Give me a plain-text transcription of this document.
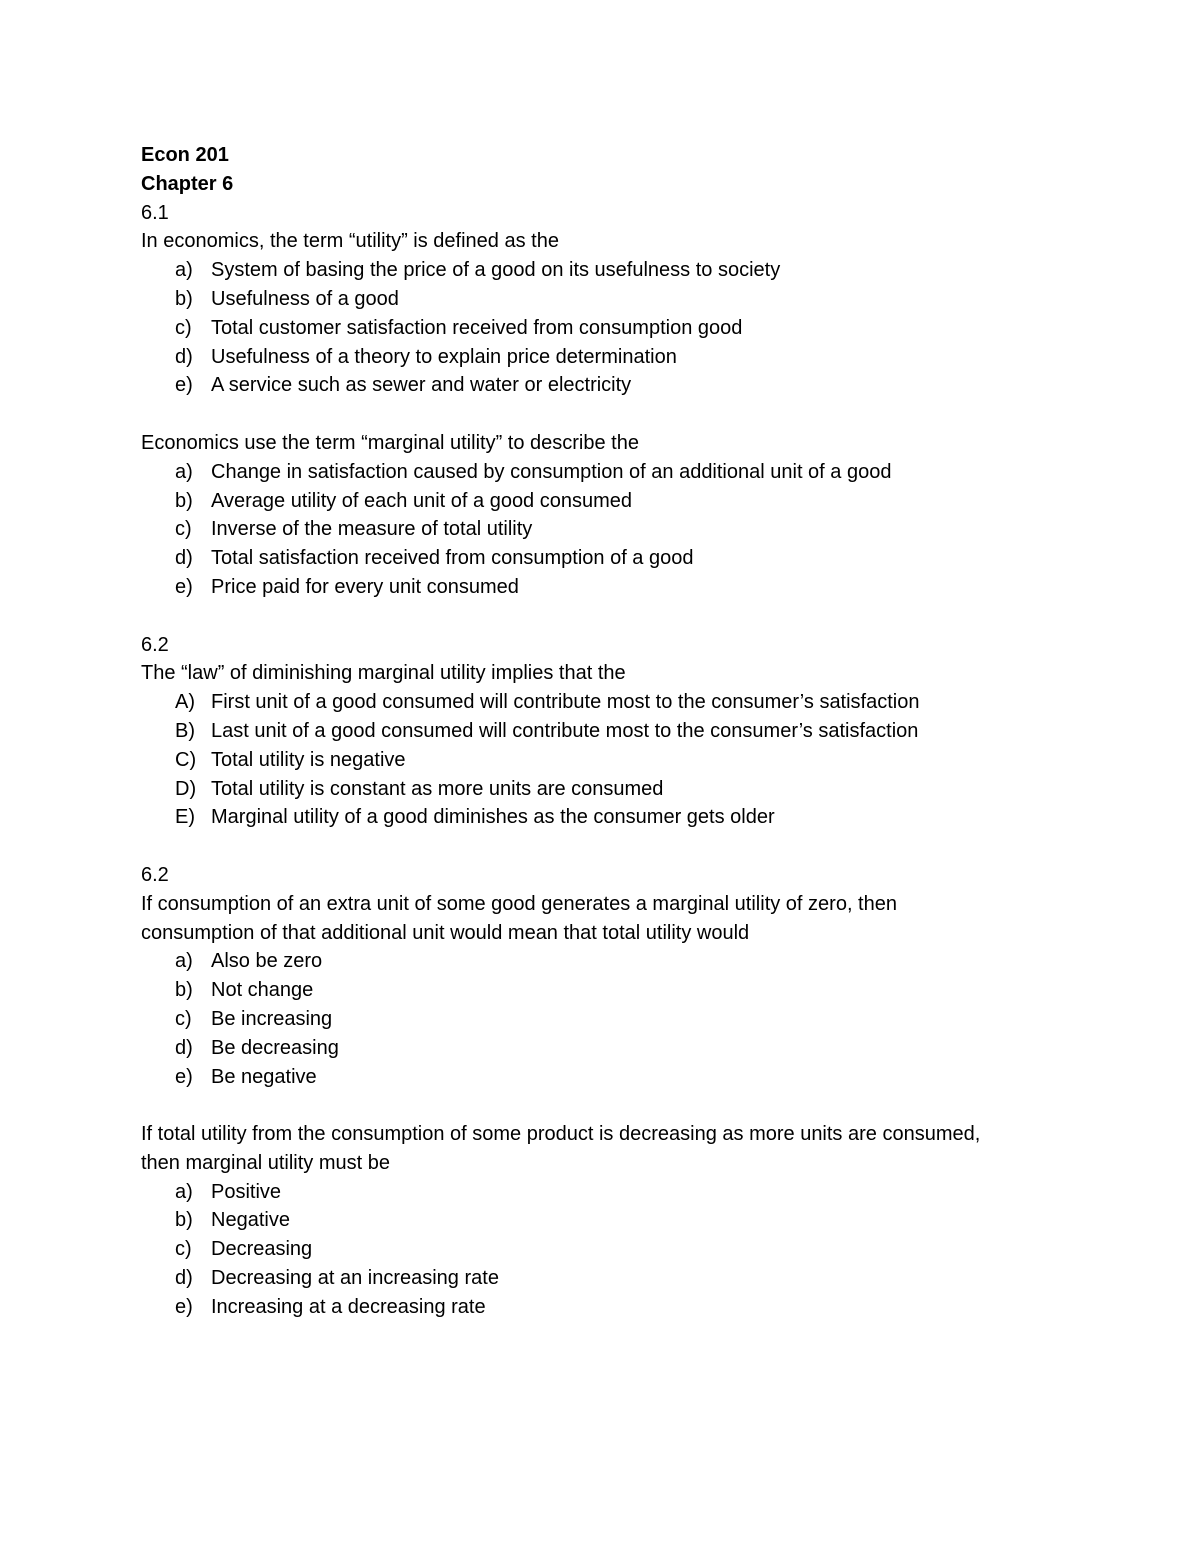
Econ 201
Chapter 6
6.1
In economics, the term “utility” is defined as the
a) System of basing the price of a good on its usefulness to society
b) Usefulness of a good
c) Total customer satisfaction received from consumption good
d) Usefulness of a theory to explain price determination
e) A service such as sewer and water or electricity
Economics use the term “marginal utility” to describe the
a) Change in satisfaction caused by consumption of an additional unit of a good
b) Average utility of each unit of a good consumed
c) Inverse of the measure of total utility
d) Total satisfaction received from consumption of a good
e) Price paid for every unit consumed
6.2
The “law” of diminishing marginal utility implies that the
A) First unit of a good consumed will contribute most to the consumer’s satisfaction
B) Last unit of a good consumed will contribute most to the consumer’s satisfaction
C) Total utility is negative
D) Total utility is constant as more units are consumed
E) Marginal utility of a good diminishes as the consumer gets older
6.2
If consumption of an extra unit of some good generates a marginal utility of zero, then
consumption of that additional unit would mean that total utility would
a) Also be zero
b) Not change
c) Be increasing
d) Be decreasing
e) Be negative
If total utility from the consumption of some product is decreasing as more units are consumed,
then marginal utility must be
a) Positive
b) Negative
c) Decreasing
d) Decreasing at an increasing rate
e) Increasing at a decreasing rate
